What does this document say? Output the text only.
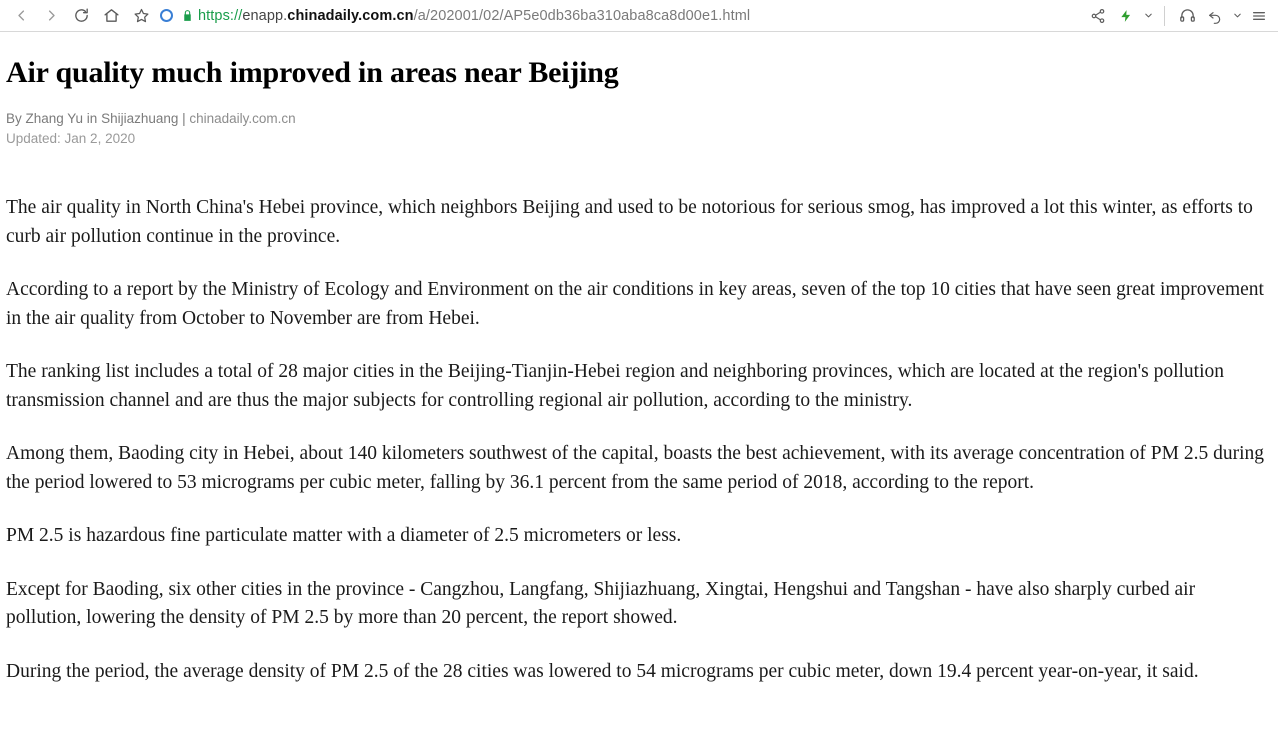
https://enapp.chinadaily.com.cn/a/202001/02/AP5e0db36ba310aba8ca8d00e1.html
Air quality much improved in areas near Beijing
By Zhang Yu in Shijiazhuang | chinadaily.com.cn
Updated: Jan 2, 2020

The air quality in North China's Hebei province, which neighbors Beijing and used to be notorious for serious smog, has improved a lot this winter, as efforts to curb air pollution continue in the province.

According to a report by the Ministry of Ecology and Environment on the air conditions in key areas, seven of the top 10 cities that have seen great improvement in the air quality from October to November are from Hebei.

The ranking list includes a total of 28 major cities in the Beijing-Tianjin-Hebei region and neighboring provinces, which are located at the region's pollution transmission channel and are thus the major subjects for controlling regional air pollution, according to the ministry.

Among them, Baoding city in Hebei, about 140 kilometers southwest of the capital, boasts the best achievement, with its average concentration of PM 2.5 during the period lowered to 53 micrograms per cubic meter, falling by 36.1 percent from the same period of 2018, according to the report.

PM 2.5 is hazardous fine particulate matter with a diameter of 2.5 micrometers or less.

Except for Baoding, six other cities in the province - Cangzhou, Langfang, Shijiazhuang, Xingtai, Hengshui and Tangshan - have also sharply curbed air pollution, lowering the density of PM 2.5 by more than 20 percent, the report showed.

During the period, the average density of PM 2.5 of the 28 cities was lowered to 54 micrograms per cubic meter, down 19.4 percent year-on-year, it said.
